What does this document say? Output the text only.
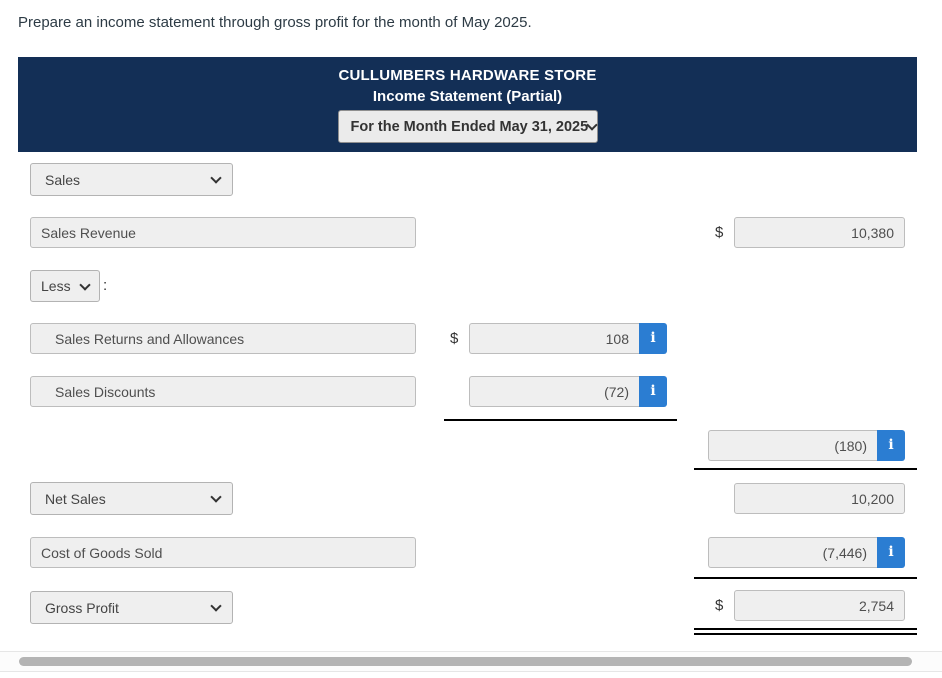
Prepare an income statement through gross profit for the month of May 2025.
CULLUMBERS HARDWARE STORE
Income Statement (Partial)
For the Month Ended May 31, 2025
Sales
Sales Revenue
$
10,380
Less :
Sales Returns and Allowances
$
108	i
Sales Discounts
(72)
i
(180)
i
Net Sales
10,200
Cost of Goods Sold
(7,446)
i
Gross Profit	$
2,754
